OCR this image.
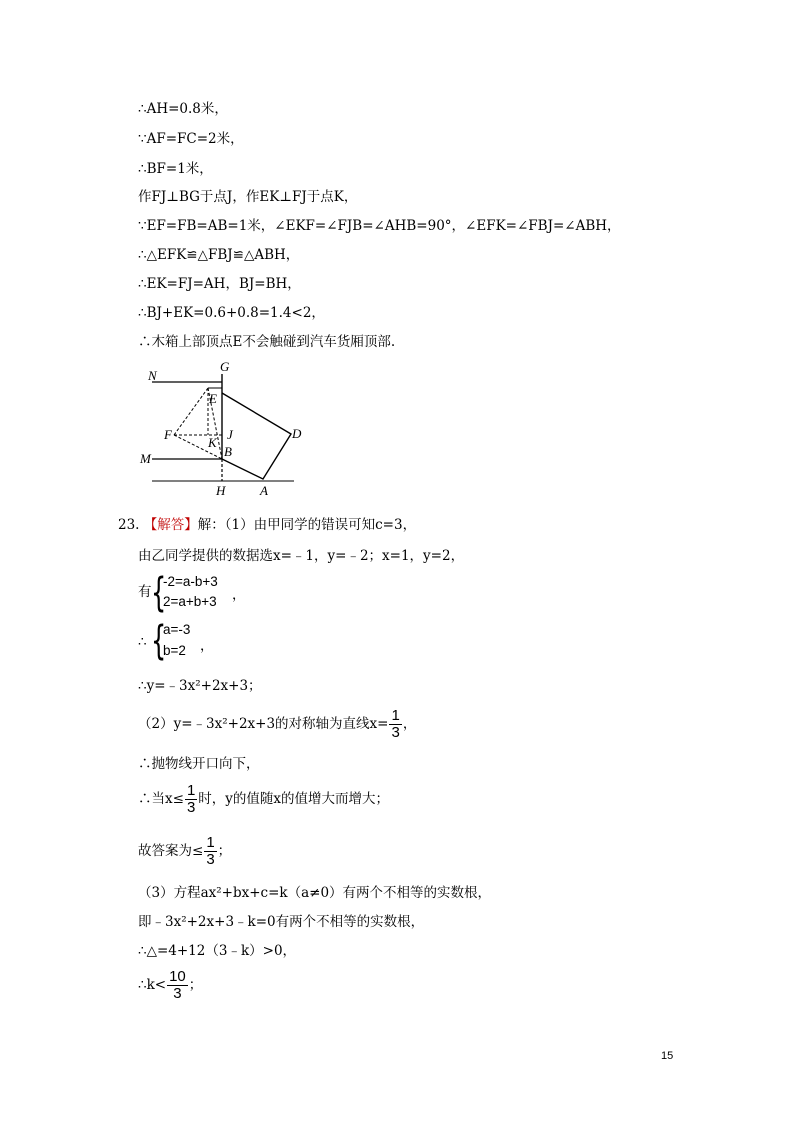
∴AH=0.8米，
∵AF=FC=2米，
∴BF=1米，
作FJ⊥BG于点J，作EK⊥FJ于点K，
∵EF=FB=AB=1米，∠EKF=∠FJB=∠AHB=90°，∠EFK=∠FBJ=∠ABH，
∴△EFK≌△FBJ≌△ABH，
∴EK=FJ=AH，BJ=BH，
∴BJ+EK=0.6+0.8=1.4<2，
∴木箱上部顶点E不会触碰到汽车货厢顶部.
N
G
E
F
K
J	D
M	B
H	A
23. 【解答】解：（1）由甲同学的错误可知c=3，
由乙同学提供的数据选x=﹣1，y=﹣2；x=1，y=2，
有 {
-2=a-b+3
2=a+b+3 ，
∴ {
a=-3
b=2 ，
∴y=﹣3x²+2x+3；
（2）y=﹣3x²+2x+3的对称轴为直线$x= \frac{1}{3}$ ，
∴抛物线开口向下，
∴当$x\le \frac{1}{3}$ 时，y的值随x的值增大而增大；
故答案为≤ $\frac{1}{3}$ ；
（3）方程ax²+bx+c=k（a≠0）有两个不相等的实数根，
即﹣3x²+2x+3﹣k=0有两个不相等的实数根，
∴△=4+12（3﹣k）>0，
∴k< $\frac{10}{3}$ ；
15
